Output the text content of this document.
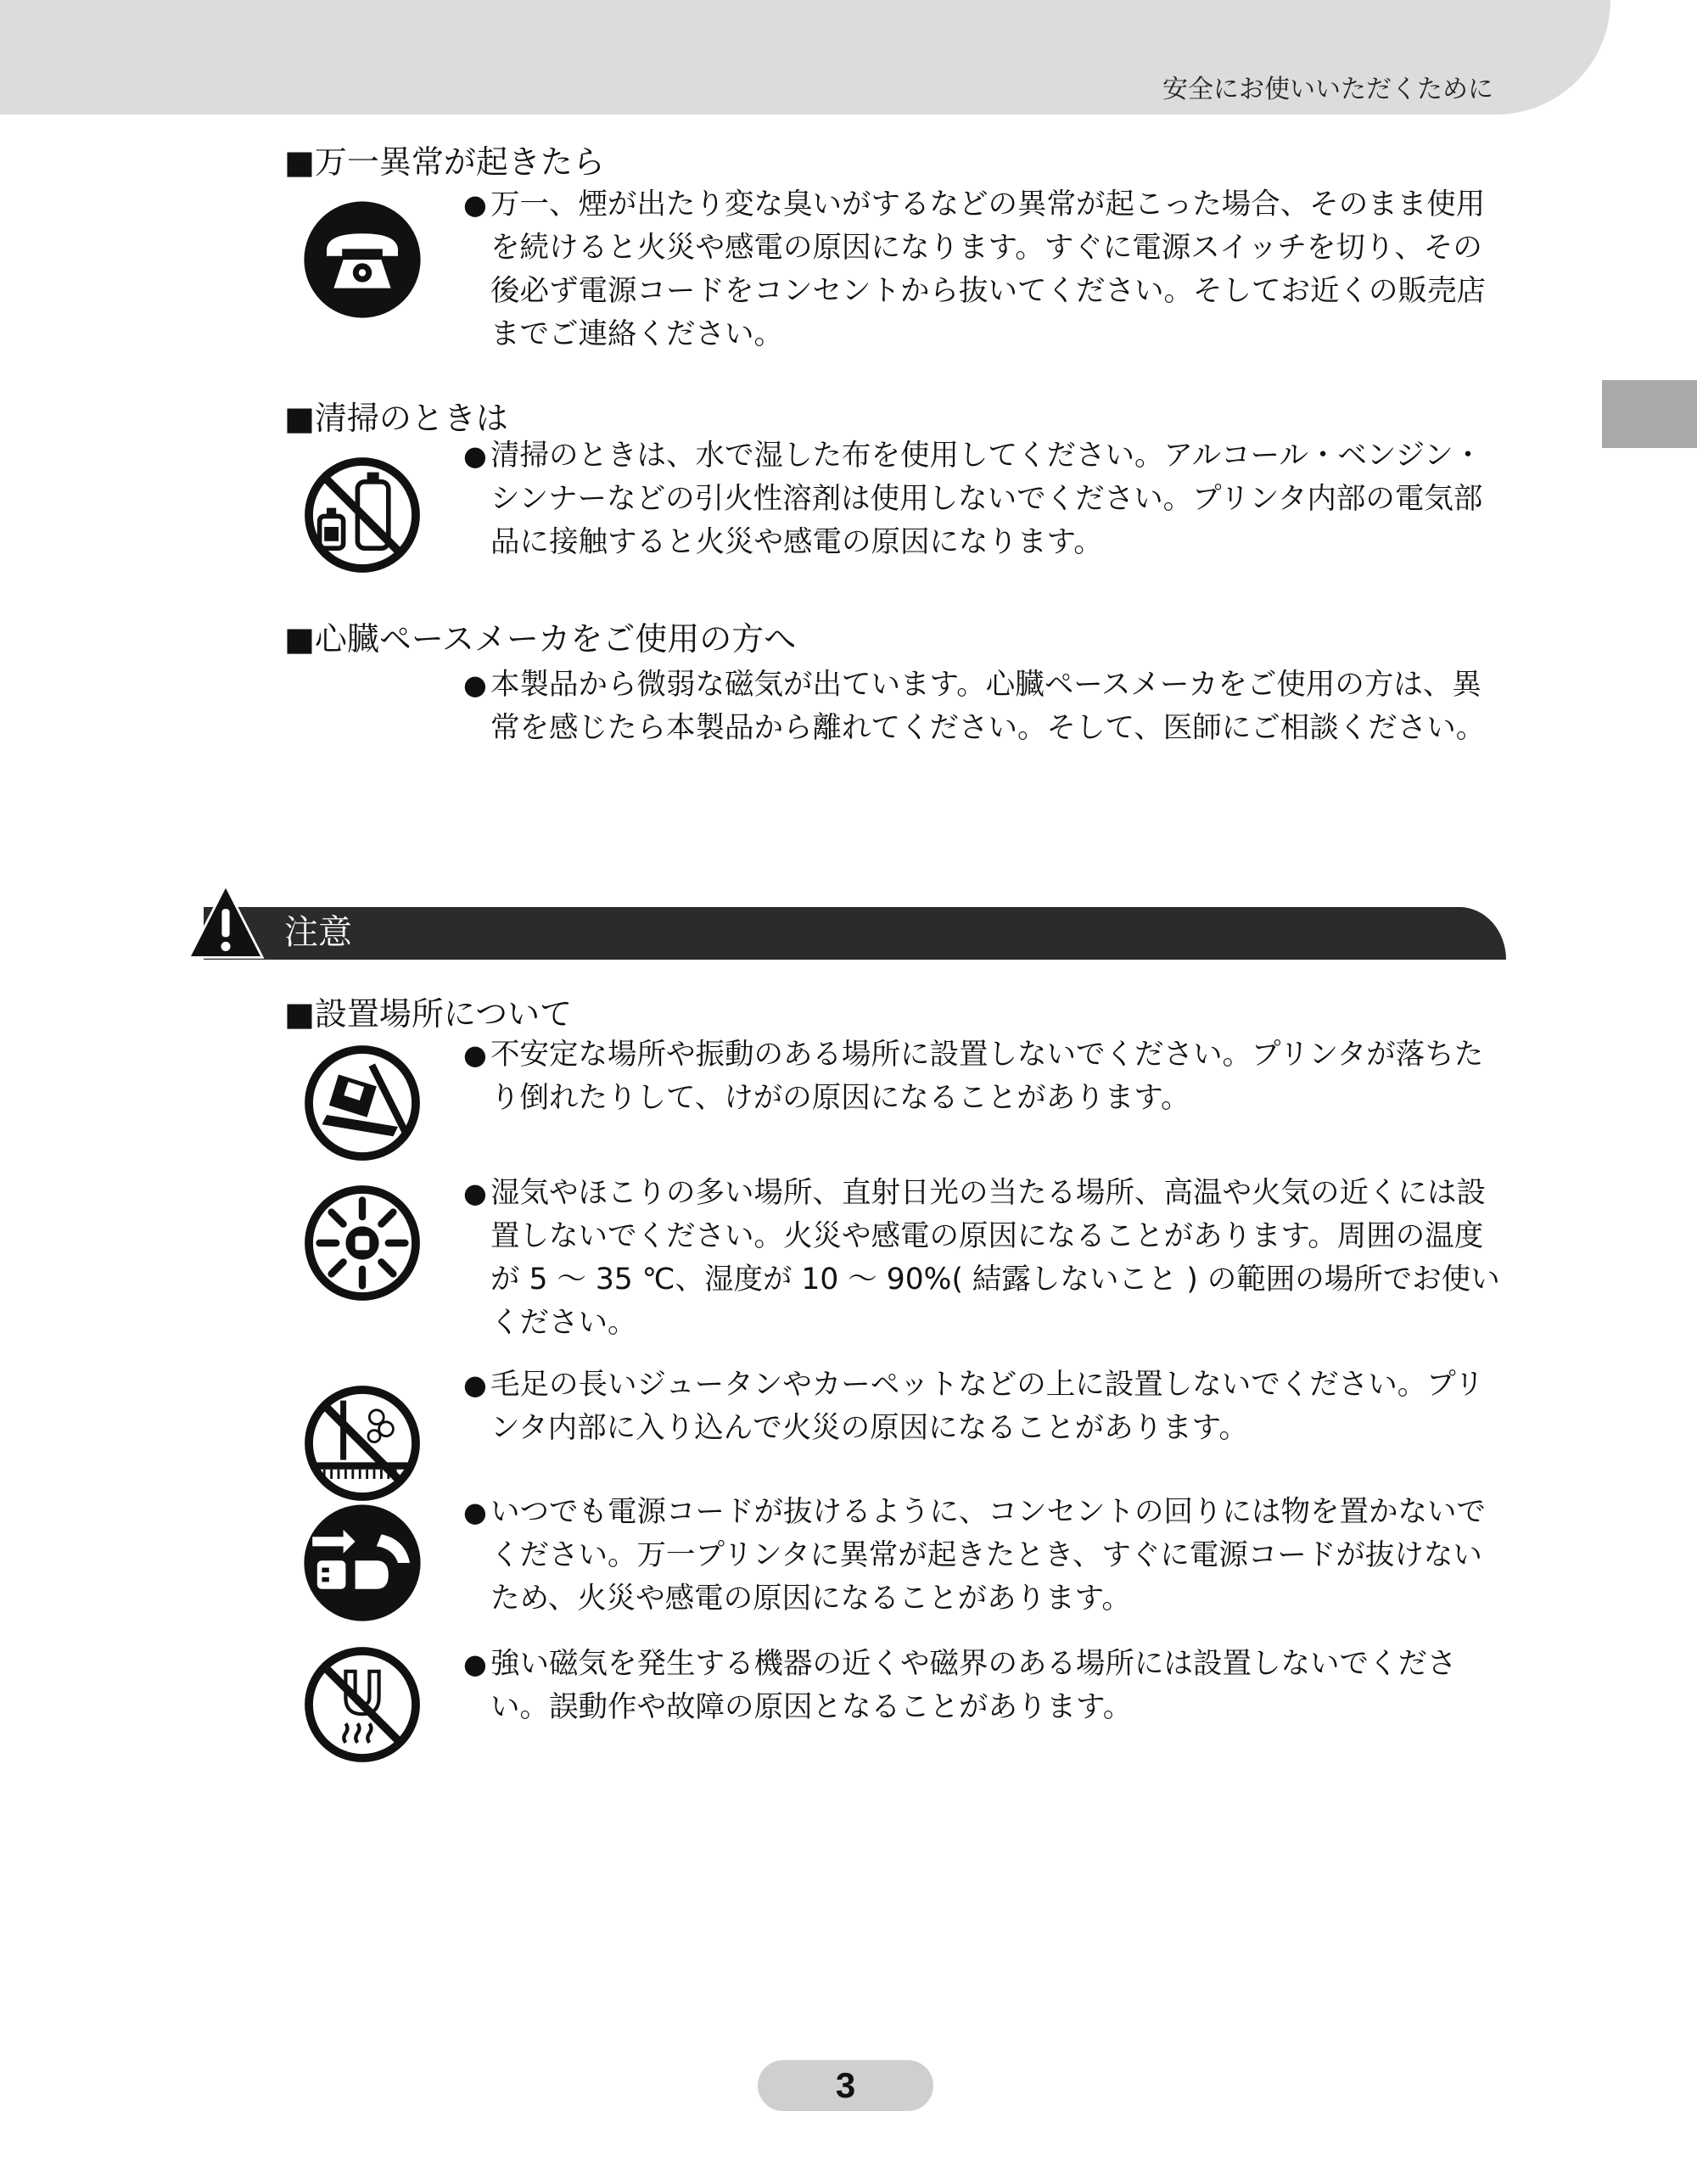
安全にお使いいただくために
■万一異常が起きたら
● 万一、煙が出たり変な臭いがするなどの異常が起こった場合、そのまま使用を続けると火災や感電の原因になります。すぐに電源スイッチを切り、その後必ず電源コードをコンセントから抜いてください。そしてお近くの販売店までご連絡ください。
■清掃のときは
● 清掃のときは、水で湿した布を使用してください。アルコール・ベンジン・シンナーなどの引火性溶剤は使用しないでください。プリンタ内部の電気部品に接触すると火災や感電の原因になります。
■心臓ペースメーカをご使用の方へ
● 本製品から微弱な磁気が出ています。心臓ペースメーカをご使用の方は、異常を感じたら本製品から離れてください。そして、医師にご相談ください。
注意
■設置場所について
● 不安定な場所や振動のある場所に設置しないでください。プリンタが落ちたり倒れたりして、けがの原因になることがあります。
● 湿気やほこりの多い場所、直射日光の当たる場所、高温や火気の近くには設置しないでください。火災や感電の原因になることがあります。周囲の温度が 5 〜 35 ℃、湿度が 10 〜 90%( 結露しないこと ) の範囲の場所でお使いください。
● 毛足の長いジュータンやカーペットなどの上に設置しないでください。プリンタ内部に入り込んで火災の原因になることがあります。
● いつでも電源コードが抜けるように、コンセントの回りには物を置かないでください。万一プリンタに異常が起きたとき、すぐに電源コードが抜けないため、火災や感電の原因になることがあります。
● 強い磁気を発生する機器の近くや磁界のある場所には設置しないでください。誤動作や故障の原因となることがあります。
3
